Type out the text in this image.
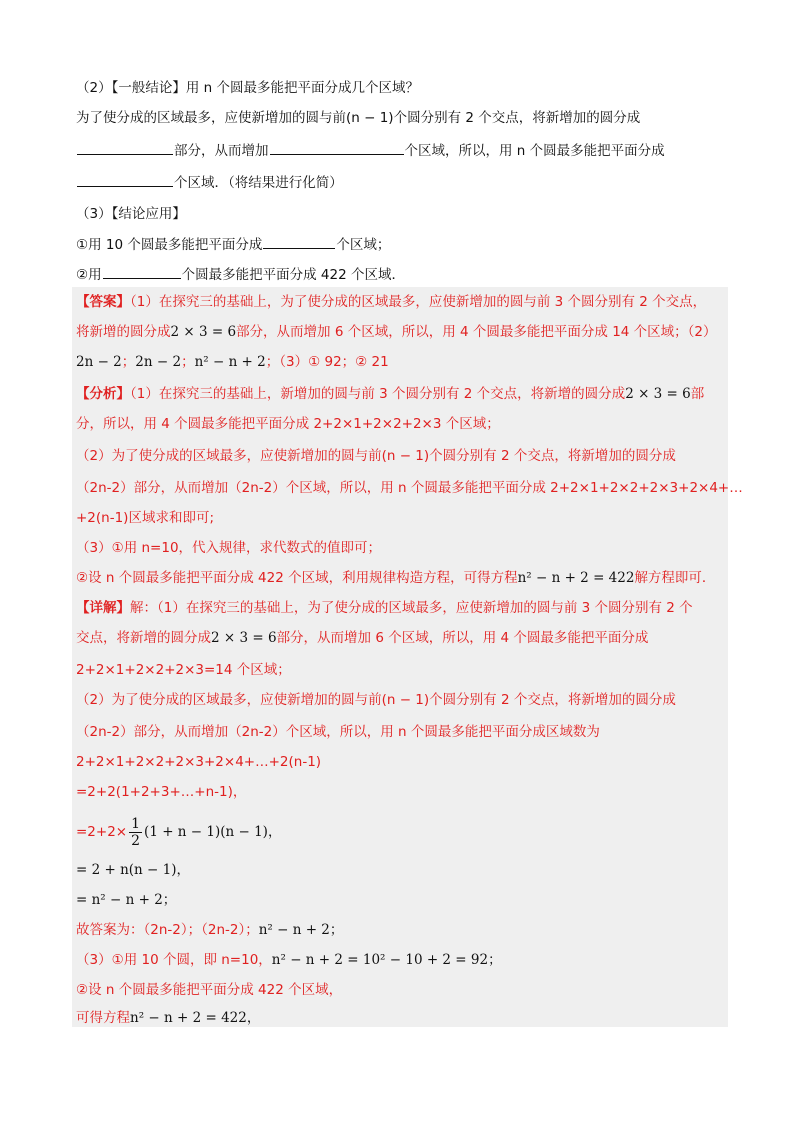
（2）【一般结论】用 n 个圆最多能把平面分成几个区域？
为了使分成的区域最多，应使新增加的圆与前(n − 1)个圆分别有 2 个交点，将新增加的圆分成
部分，从而增加	个区域，所以，用 n 个圆最多能把平面分成
个区域．（将结果进行化简）
（3）【结论应用】
①用 10 个圆最多能把平面分成	个区域；
②用	个圆最多能把平面分成 422 个区域．
【答案】（1）在探究三的基础上，为了使分成的区域最多，应使新增加的圆与前 3 个圆分别有 2 个交点，
将新增的圆分成2 × 3 = 6部分，从而增加 6 个区域，所以，用 4 个圆最多能把平面分成 14 个区域；（2）
2n − 2；2n − 2；n² − n + 2；（3）① 92；② 21
【分析】（1）在探究三的基础上，新增加的圆与前 3 个圆分别有 2 个交点，将新增的圆分成2 × 3 = 6部
分，所以，用 4 个圆最多能把平面分成 2+2×1+2×2+2×3 个区域；
（2）为了使分成的区域最多，应使新增加的圆与前(n − 1)个圆分别有 2 个交点，将新增加的圆分成
（2n-2）部分，从而增加（2n-2）个区域，所以，用 n 个圆最多能把平面分成 2+2×1+2×2+2×3+2×4+…
+2(n-1)区域求和即可;
（3）①用 n=10，代入规律，求代数式的值即可；
②设 n 个圆最多能把平面分成 422 个区域，利用规律构造方程，可得方程n² − n + 2 = 422解方程即可．
【详解】解：（1）在探究三的基础上，为了使分成的区域最多，应使新增加的圆与前 3 个圆分别有 2 个
交点，将新增的圆分成2 × 3 = 6部分，从而增加 6 个区域，所以，用 4 个圆最多能把平面分成
2+2×1+2×2+2×3=14 个区域；
（2）为了使分成的区域最多，应使新增加的圆与前(n − 1)个圆分别有 2 个交点，将新增加的圆分成
（2n-2）部分，从而增加（2n-2）个区域，所以，用 n 个圆最多能把平面分成区域数为
2+2×1+2×2+2×3+2×4+…+2(n-1)
=2+2(1+2+3+…+n-1)，
$=2+2\times \frac{1}{2} (1 + n - 1)(n - 1)$，
= 2 + n(n − 1)，
= n² − n + 2；
故答案为：（2n-2）；（2n-2）；n² − n + 2；
（3）①用 10 个圆，即 n=10，n² − n + 2 = 10² − 10 + 2 = 92；
②设 n 个圆最多能把平面分成 422 个区域，
可得方程n² − n + 2 = 422，
